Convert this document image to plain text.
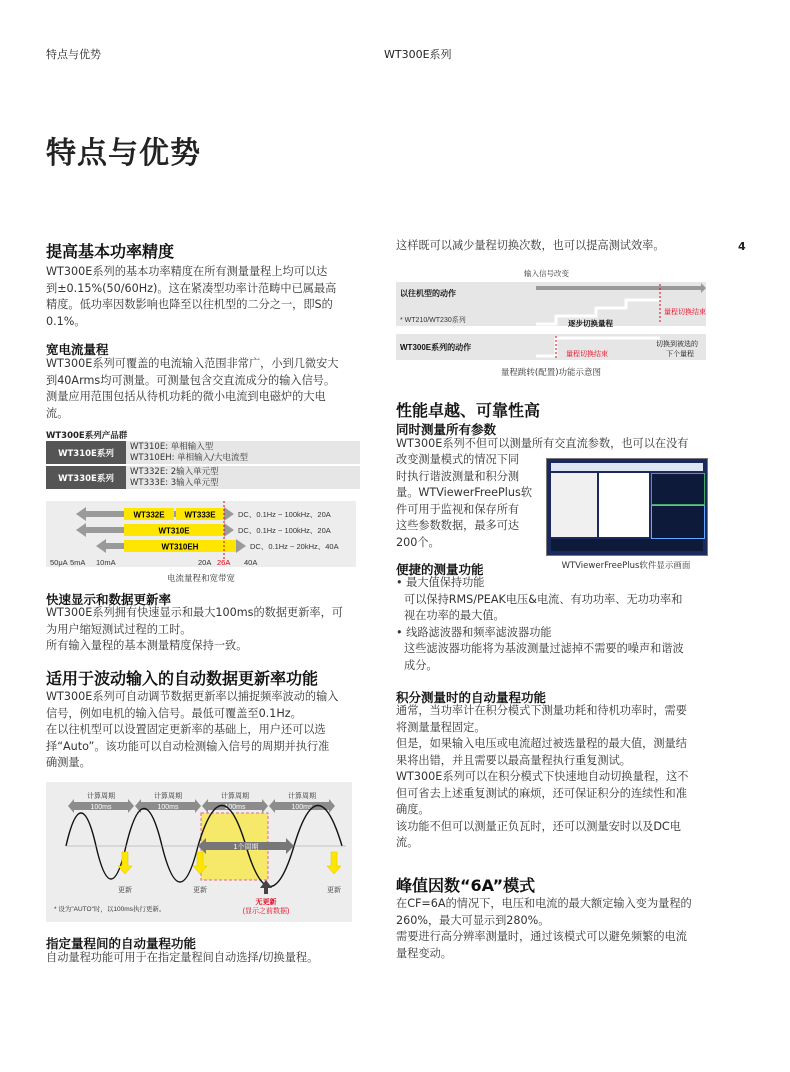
特点与优势	WT300E系列
特点与优势
4
提高基本功率精度

WT300E系列的基本功率精度在所有测量量程上均可以达

到±0.15%(50/60Hz)。这在紧凑型功率计范畴中已属最高

精度。低功率因数影响也降至以往机型的二分之一，即S的

0.1%。

宽电流量程

WT300E系列可覆盖的电流输入范围非常广，小到几微安大

到40Arms均可测量。可测量包含交直流成分的输入信号。

测量应用范围包括从待机功耗的微小电流到电磁炉的大电

流。

WT300E系列产品群
WT310E系列	WT310E: 单相输入型
WT310EH: 单相输入/大电流型

WT330E系列	WT332E: 2输入单元型
WT333E: 3输入单元型
WT332E WT333E
WT310E
WT310EH
DC、0.1Hz ~ 100kHz、20A
DC、0.1Hz ~ 100kHz、20A
DC、0.1Hz ~ 20kHz、40A
50μA 5mA 10mA	20A 26A 40A
电流量程和宽带宽
快速显示和数据更新率

WT300E系列拥有快速显示和最大100ms的数据更新率，可

为用户缩短测试过程的工时。

所有输入量程的基本测量精度保持一致。

适用于波动输入的自动数据更新率功能

WT300E系列可自动调节数据更新率以捕捉频率波动的输入

信号，例如电机的输入信号。最低可覆盖至0.1Hz。

在以往机型可以设置固定更新率的基础上，用户还可以选

择“Auto”。该功能可以自动检测输入信号的周期并执行准

确测量。

计算周期	计算周期	计算周期	计算周期
100ms	100ms	100ms	100ms
1个周期
更新	更新	更新
无更新
(显示之前数据)
* 设为"AUTO"时，以100ms执行更新。
指定量程间的自动量程功能

自动量程功能可用于在指定量程间自动选择/切换量程。

这样既可以减少量程切换次数，也可以提高测试效率。
输入信号改变
以往机型的动作
* WT210/WT230系列
量程切换结束
逐步切换量程
WT300E系列的动作
量程切换结束
切换到被选的
下个量程
量程跳转(配置)功能示意图
性能卓越、可靠性高
同时测量所有参数

WT300E系列不但可以测量所有交直流参数，也可以在没有

改变测量模式的情况下同

时执行谐波测量和积分测

量。WTViewerFreePlus软

件可用于监视和保存所有

这些参数数据，最多可达

200个。

WTViewerFreePlus软件显示画面
便捷的测量功能
• 最大值保持功能
可以保持RMS/PEAK电压&电流、有功功率、无功功率和
视在功率的最大值。
• 线路滤波器和频率滤波器功能
这些滤波器功能将为基波测量过滤掉不需要的噪声和谐波
成分。
积分测量时的自动量程功能

通常，当功率计在积分模式下测量功耗和待机功率时，需要

将测量量程固定。

但是，如果输入电压或电流超过被选量程的最大值，测量结

果将出错，并且需要以最高量程执行重复测试。

WT300E系列可以在积分模式下快速地自动切换量程，这不

但可省去上述重复测试的麻烦，还可保证积分的连续性和准

确度。

该功能不但可以测量正负瓦时，还可以测量安时以及DC电

流。

峰值因数“6A”模式

在CF=6A的情况下，电压和电流的最大额定输入变为量程的

260%，最大可显示到280%。

需要进行高分辨率测量时，通过该模式可以避免频繁的电流

量程变动。
